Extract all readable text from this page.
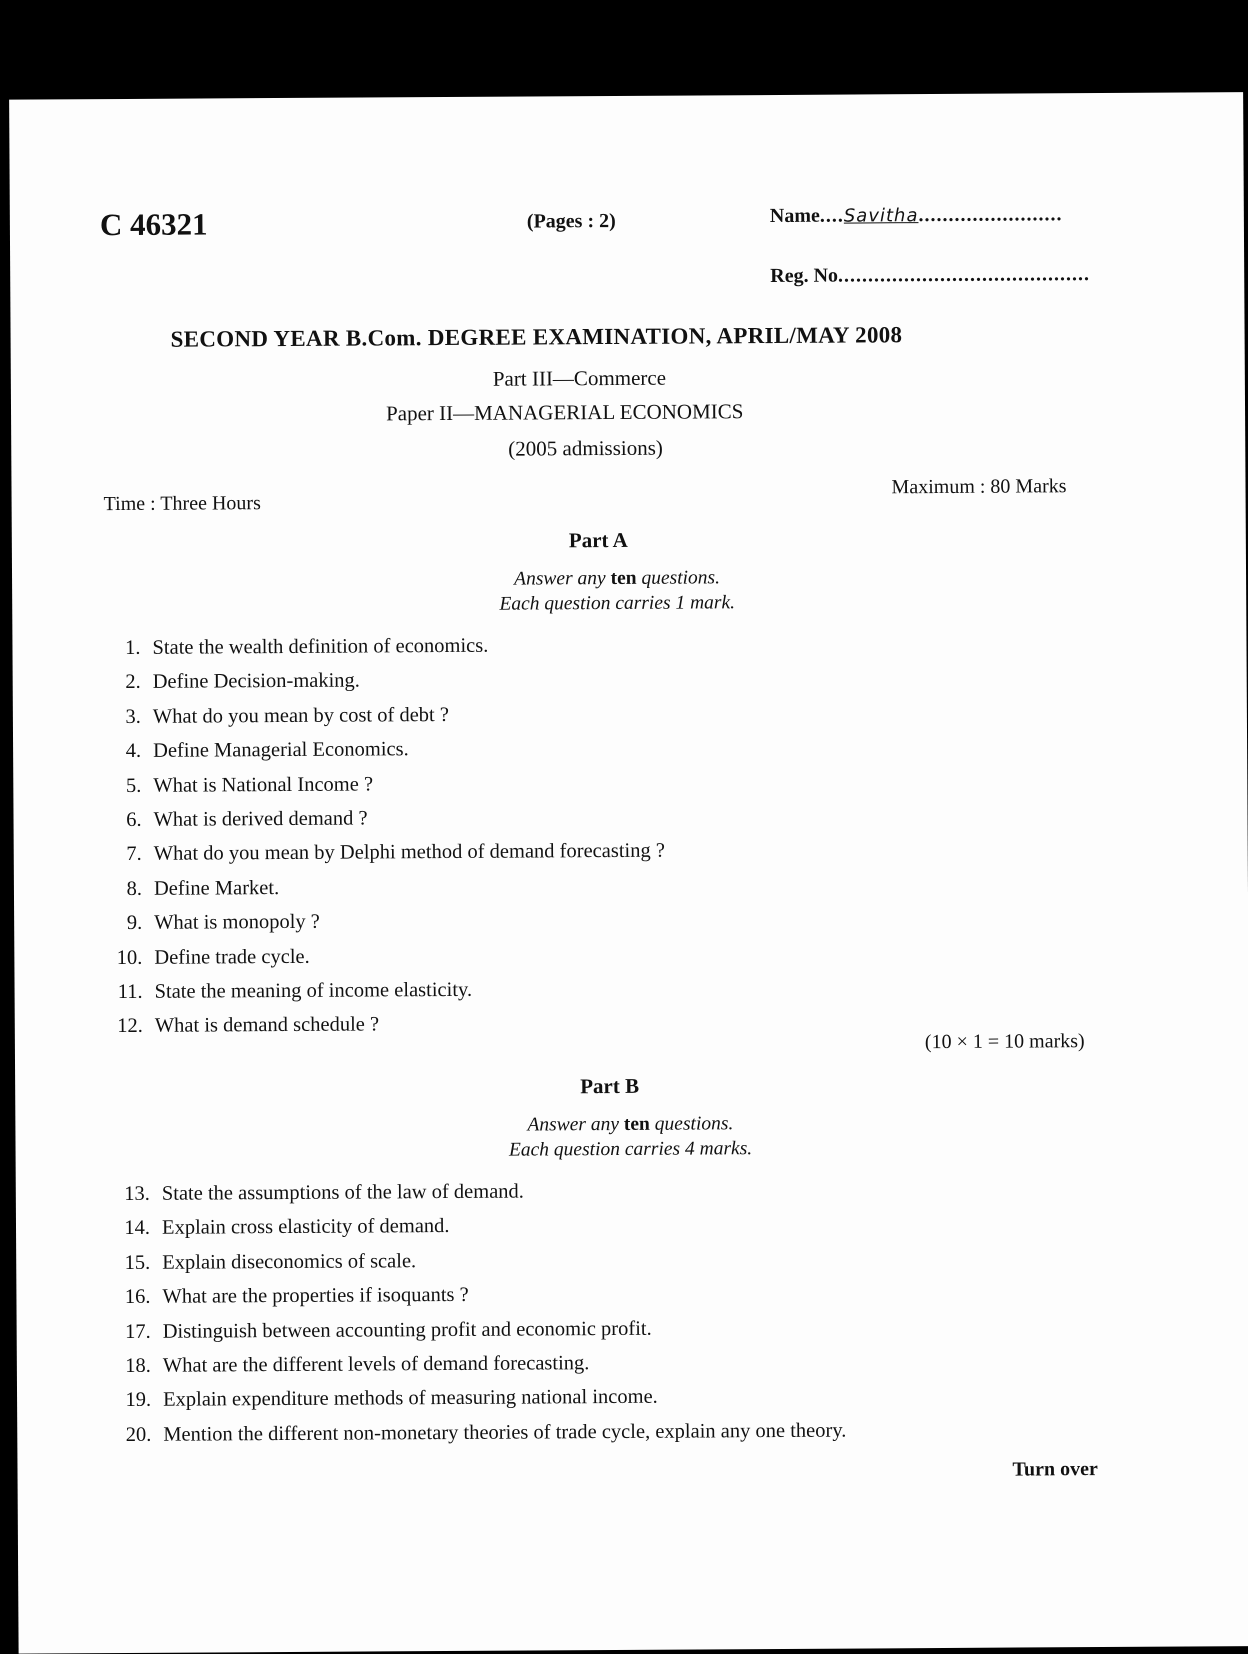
C 46321	(Pages : 2)	Name....Savitha........................
Reg. No..........................................
SECOND YEAR B.Com. DEGREE EXAMINATION, APRIL/MAY 2008
Part III—Commerce
Paper II—MANAGERIAL ECONOMICS
(2005 admissions)
Time : Three Hours
Maximum : 80 Marks
Part A
Answer any ten questions.
Each question carries 1 mark.
1. State the wealth definition of economics.
2. Define Decision-making.
3. What do you mean by cost of debt ?
4. Define Managerial Economics.
5. What is National Income ?
6. What is derived demand ?
7. What do you mean by Delphi method of demand forecasting ?
8. Define Market.
9. What is monopoly ?
10. Define trade cycle.
11. State the meaning of income elasticity.
12. What is demand schedule ?
(10 × 1 = 10 marks)
Part B
Answer any ten questions.
Each question carries 4 marks.
13. State the assumptions of the law of demand.
14. Explain cross elasticity of demand.
15. Explain diseconomics of scale.
16. What are the properties if isoquants ?
17. Distinguish between accounting profit and economic profit.
18. What are the different levels of demand forecasting.
19. Explain expenditure methods of measuring national income.
20. Mention the different non-monetary theories of trade cycle, explain any one theory.
Turn over
